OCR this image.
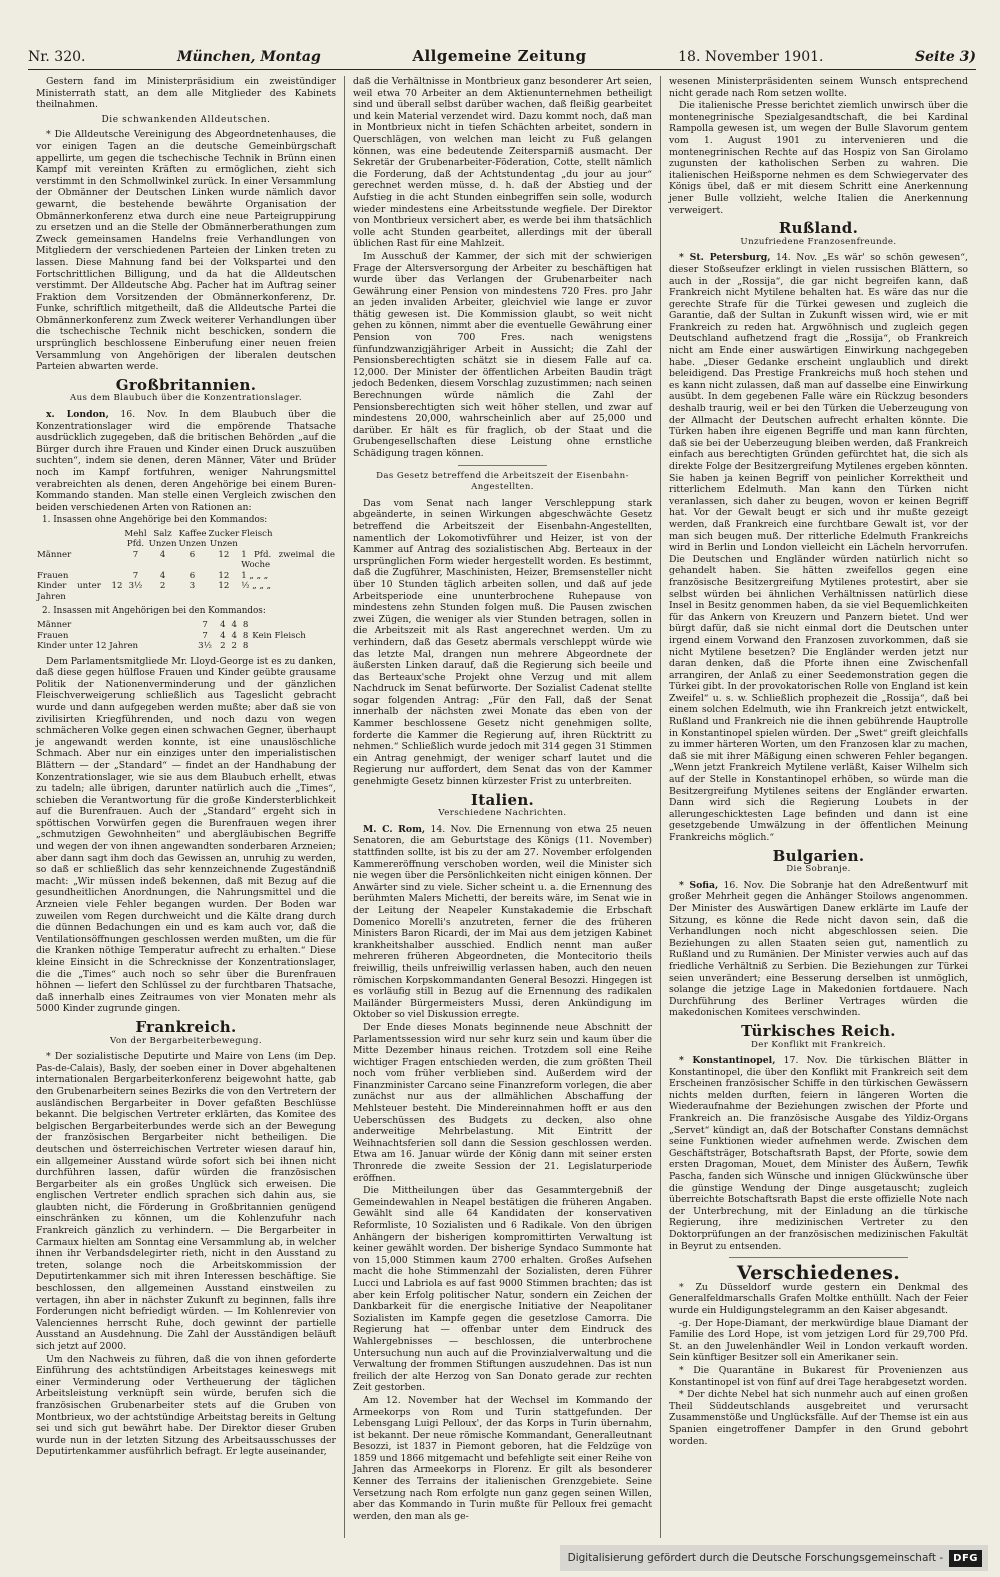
Nr. 320.	München, Montag	Allgemeine Zeitung	18. November 1901.	Seite 3)

Gestern fand im Ministerpräsidium ein zweistündiger Ministerrath statt, an dem alle Mitglieder des Kabinets theilnahmen.

Die schwankenden Alldeutschen.

* Die Alldeutsche Vereinigung des Abgeordnetenhauses, die vor einigen Tagen an die deutsche Gemeinbürgschaft appellirte, um gegen die tschechische Technik in Brünn einen Kampf mit vereinten Kräften zu ermöglichen, zieht sich verstimmt in den Schmollwinkel zurück. In einer Versammlung der Obmänner der Deutschen Linken wurde nämlich davor gewarnt, die bestehende bewährte Organisation der Obmännerkonferenz etwa durch eine neue Parteigruppirung zu ersetzen und an die Stelle der Obmännerberathungen zum Zweck gemeinsamen Handelns freie Verhandlungen von Mitgliedern der verschiedenen Parteien der Linken treten zu lassen. Diese Mahnung fand bei der Volkspartei und den Fortschrittlichen Billigung, und da hat die Alldeutschen verstimmt. Der Alldeutsche Abg. Pacher hat im Auftrag seiner Fraktion dem Vorsitzenden der Obmännerkonferenz, Dr. Funke, schriftlich mitgetheilt, daß die Alldeutsche Partei die Obmännerkonferenz zum Zweck weiterer Verhandlungen über die tschechische Technik nicht beschicken, sondern die ursprünglich beschlossene Einberufung einer neuen freien Versammlung von Angehörigen der liberalen deutschen Parteien abwarten werde.

Großbritannien.
Aus dem Blaubuch über die Konzentrationslager.

x. London, 16. Nov. In dem Blaubuch über die Konzentrationslager wird die empörende Thatsache ausdrücklich zugegeben, daß die britischen Behörden „auf die Bürger durch ihre Frauen und Kinder einen Druck auszuüben suchten“, indem sie denen, deren Männer, Väter und Brüder noch im Kampf fortfuhren, weniger Nahrungsmittel verabreichten als denen, deren Angehörige bei einem Buren-Kommando standen. Man stelle einen Vergleich zwischen den beiden verschiedenen Arten von Rationen an:

1. Insassen ohne Angehörige bei den Kommandos:
	Mehl	Salz	Kaffee	Zucker	Fleisch
	Pfd.	Unzen	Unzen	Unzen	
Männer	7	4	6	12	1 Pfd. zweimal die Woche
Frauen	7	4	6	12	1 „ „ „
Kinder unter 12 Jahren	3½	2	3	12	½ „ „ „
2. Insassen mit Angehörigen bei den Kommandos:
Männer	7	4	4	8	
Frauen	7	4	4	8	Kein Fleisch
Kinder unter 12 Jahren	3½	2	2	8	

Dem Parlamentsmitgliede Mr. Lloyd-George ist es zu danken, daß diese gegen hülflose Frauen und Kinder geübte grausame Politik der Nationenverminderung und der gänzlichen Fleischverweigerung schließlich aus Tageslicht gebracht wurde und dann aufgegeben werden mußte; aber daß sie von zivilisirten Kriegführenden, und noch dazu von wegen schmächeren Volke gegen einen schwachen Gegner, überhaupt je angewandt werden konnte, ist eine unauslöschliche Schmach. Aber nur ein einziges unter den imperialistischen Blättern — der „Standard“ — findet an der Handhabung der Konzentrationslager, wie sie aus dem Blaubuch erhellt, etwas zu tadeln; alle übrigen, darunter natürlich auch die „Times“, schieben die Verantwortung für die große Kindersterblichkeit auf die Burenfrauen. Auch der „Standard“ ergeht sich in spöttischen Vorwürfen gegen die Burenfrauen wegen ihrer „schmutzigen Gewohnheiten“ und abergläubischen Begriffe und wegen der von ihnen angewandten sonderbaren Arzneien; aber dann sagt ihm doch das Gewissen an, unruhig zu werden, so daß er schließlich das sehr kennzeichnende Zugeständniß macht: „Wir müssen indeß bekennen, daß mit Bezug auf die gesundheitlichen Anordnungen, die Nahrungsmittel und die Arzneien viele Fehler begangen wurden. Der Boden war zuweilen vom Regen durchweicht und die Kälte drang durch die dünnen Bedachungen ein und es kam auch vor, daß die Ventilationsöffnungen geschlossen werden mußten, um die für die Kranken nöthige Temperatur aufrecht zu erhalten.“ Diese kleine Einsicht in die Schrecknisse der Konzentrationslager, die die „Times“ auch noch so sehr über die Burenfrauen höhnen — liefert den Schlüssel zu der furchtbaren Thatsache, daß innerhalb eines Zeitraumes von vier Monaten mehr als 5000 Kinder zugrunde gingen.

Frankreich.
Von der Bergarbeiterbewegung.

* Der sozialistische Deputirte und Maire von Lens (im Dep. Pas-de-Calais), Basly, der soeben einer in Dover abgehaltenen internationalen Bergarbeiterkonferenz beigewohnt hatte, gab den Grubenarbeitern seines Bezirks die von den Vertretern der ausländischen Bergarbeiter in Dover gefaßten Beschlüsse bekannt. Die belgischen Vertreter erklärten, das Komitee des belgischen Bergarbeiterbundes werde sich an der Bewegung der französischen Bergarbeiter nicht betheiligen. Die deutschen und österreichischen Vertreter wiesen darauf hin, ein allgemeiner Ausstand würde sofort sich bei ihnen nicht durchführen lassen, dafür würden die französischen Bergarbeiter als ein großes Unglück sich erweisen. Die englischen Vertreter endlich sprachen sich dahin aus, sie glaubten nicht, die Förderung in Großbritannien genügend einschränken zu können, um die Kohlenzufuhr nach Frankreich gänzlich zu verhindern. — Die Bergarbeiter in Carmaux hielten am Sonntag eine Versammlung ab, in welcher ihnen ihr Verbandsdelegirter rieth, nicht in den Ausstand zu treten, solange noch die Arbeitskommission der Deputirtenkammer sich mit ihren Interessen beschäftige. Sie beschlossen, den allgemeinen Ausstand einstweilen zu vertagen, ihn aber in nächster Zukunft zu beginnen, falls ihre Forderungen nicht befriedigt würden. — Im Kohlenrevier von Valenciennes herrscht Ruhe, doch gewinnt der partielle Ausstand an Ausdehnung. Die Zahl der Ausständigen beläuft sich jetzt auf 2000.

Um den Nachweis zu führen, daß die von ihnen geforderte Einführung des achtstündigen Arbeitstages keineswegs mit einer Verminderung oder Vertheuerung der täglichen Arbeitsleistung verknüpft sein würde, berufen sich die französischen Grubenarbeiter stets auf die Gruben von Montbrieux, wo der achtstündige Arbeitstag bereits in Geltung sei und sich gut bewährt habe. Der Direktor dieser Gruben wurde nun in der letzten Sitzung des Arbeitsausschusses der Deputirtenkammer ausführlich befragt. Er legte auseinander,

daß die Verhältnisse in Montbrieux ganz besonderer Art seien, weil etwa 70 Arbeiter an dem Aktienunternehmen betheiligt sind und überall selbst darüber wachen, daß fleißig gearbeitet und kein Material verzendet wird. Dazu kommt noch, daß man in Montbrieux nicht in tiefen Schächten arbeitet, sondern in Querschlägen, von welchen man leicht zu Fuß gelangen können, was eine bedeutende Zeitersparniß ausmacht. Der Sekretär der Grubenarbeiter-Föderation, Cotte, stellt nämlich die Forderung, daß der Achtstundentag „du jour au jour“ gerechnet werden müsse, d. h. daß der Abstieg und der Aufstieg in die acht Stunden einbegriffen sein solle, wodurch wieder mindestens eine Arbeitsstunde wegfiele. Der Direktor von Montbrieux versichert aber, es werde bei ihm thatsächlich volle acht Stunden gearbeitet, allerdings mit der überall üblichen Rast für eine Mahlzeit.

Im Ausschuß der Kammer, der sich mit der schwierigen Frage der Altersversorgung der Arbeiter zu beschäftigen hat wurde über das Verlangen der Grubenarbeiter nach Gewährung einer Pension von mindestens 720 Fres. pro Jahr an jeden invaliden Arbeiter, gleichviel wie lange er zuvor thätig gewesen ist. Die Kommission glaubt, so weit nicht gehen zu können, nimmt aber die eventuelle Gewährung einer Pension von 700 Fres. nach wenigstens fünfundzwanzigjähriger Arbeit in Aussicht; die Zahl der Pensionsberechtigten schätzt sie in diesem Falle auf ca. 12,000. Der Minister der öffentlichen Arbeiten Baudin trägt jedoch Bedenken, diesem Vorschlag zuzustimmen; nach seinen Berechnungen würde nämlich die Zahl der Pensionsberechtigten sich weit höher stellen, und zwar auf mindestens 20,000, wahrscheinlich aber auf 25,000 und darüber. Er hält es für fraglich, ob der Staat und die Grubengesellschaften diese Leistung ohne ernstliche Schädigung tragen können.

Das Gesetz betreffend die Arbeitszeit der Eisenbahn-Angestellten.

Das vom Senat nach langer Verschleppung stark abgeänderte, in seinen Wirkungen abgeschwächte Gesetz betreffend die Arbeitszeit der Eisenbahn-Angestellten, namentlich der Lokomotivführer und Heizer, ist von der Kammer auf Antrag des sozialistischen Abg. Berteaux in der ursprünglichen Form wieder hergestellt worden. Es bestimmt, daß die Zugführer, Maschinisten, Heizer, Bremsensteller nicht über 10 Stunden täglich arbeiten sollen, und daß auf jede Arbeitsperiode eine ununterbrochene Ruhepause von mindestens zehn Stunden folgen muß. Die Pausen zwischen zwei Zügen, die weniger als vier Stunden betragen, sollen in die Arbeitszeit mit als Rast angerechnet werden. Um zu verhindern, daß das Gesetz abermals verschleppt würde wie das letzte Mal, drangen nun mehrere Abgeordnete der äußersten Linken darauf, daß die Regierung sich beeile und das Berteaux'sche Projekt ohne Verzug und mit allem Nachdruck im Senat befürworte. Der Sozialist Cadenat stellte sogar folgenden Antrag: „Für den Fall, daß der Senat innerhalb der nächsten zwei Monate das eben von der Kammer beschlossene Gesetz nicht genehmigen sollte, forderte die Kammer die Regierung auf, ihren Rücktritt zu nehmen.“ Schließlich wurde jedoch mit 314 gegen 31 Stimmen ein Antrag genehmigt, der weniger scharf lautet und die Regierung nur auffordert, dem Senat das von der Kammer genehmigte Gesetz binnen kürzester Frist zu unterbreiten.

Italien.
Verschiedene Nachrichten.

M. C. Rom, 14. Nov. Die Ernennung von etwa 25 neuen Senatoren, die am Geburtstage des Königs (11. November) stattfinden sollte, ist bis zu der am 27. November erfolgenden Kammereröffnung verschoben worden, weil die Minister sich nie wegen über die Persönlichkeiten nicht einigen können. Der Anwärter sind zu viele. Sicher scheint u. a. die Ernennung des berühmten Malers Michetti, der bereits wäre, im Senat wie in der Leitung der Neapeler Kunstakademie die Erbschaft Domenico Morelli's anzutreten, ferner die des früheren Ministers Baron Ricardi, der im Mai aus dem jetzigen Kabinet krankheitshalber ausschied. Endlich nennt man außer mehreren früheren Abgeordneten, die Montecitorio theils freiwillig, theils unfreiwillig verlassen haben, auch den neuen römischen Korpskommandanten General Besozzi. Hingegen ist es vorläufig still in Bezug auf die Ernennung des radikalen Mailänder Bürgermeisters Mussi, deren Ankündigung im Oktober so viel Diskussion erregte.

Der Ende dieses Monats beginnende neue Abschnitt der Parlamentssession wird nur sehr kurz sein und kaum über die Mitte Dezember hinaus reichen. Trotzdem soll eine Reihe wichtiger Fragen entschieden werden, die zum größten Theil noch vom früher verblieben sind. Außerdem wird der Finanzminister Carcano seine Finanzreform vorlegen, die aber zunächst nur aus der allmählichen Abschaffung der Mehlsteuer besteht. Die Mindereinnahmen hofft er aus den Ueberschüssen des Budgets zu decken, also ohne anderweitige Mehrbelastung. Mit Eintritt der Weihnachtsferien soll dann die Session geschlossen werden. Etwa am 16. Januar würde der König dann mit seiner ersten Thronrede die zweite Session der 21. Legislaturperiode eröffnen.

Die Mittheilungen über das Gesammtergebniß der Gemeindewahlen in Neapel bestätigen die früheren Angaben. Gewählt sind alle 64 Kandidaten der konservativen Reformliste, 10 Sozialisten und 6 Radikale. Von den übrigen Anhängern der bisherigen kompromittirten Verwaltung ist keiner gewählt worden. Der bisherige Syndaco Summonte hat von 15,000 Stimmen kaum 2700 erhalten. Großes Aufsehen macht die hohe Stimmenzahl der Sozialisten, deren Führer Lucci und Labriola es auf fast 9000 Stimmen brachten; das ist aber kein Erfolg politischer Natur, sondern ein Zeichen der Dankbarkeit für die energische Initiative der Neapolitaner Sozialisten im Kampfe gegen die gesetzlose Camorra. Die Regierung hat — offenbar unter dem Eindruck des Wahlergebnisses — beschlossen, die unterbrochene Untersuchung nun auch auf die Provinzialverwaltung und die Verwaltung der frommen Stiftungen auszudehnen. Das ist nun freilich der alte Herzog von San Donato gerade zur rechten Zeit gestorben.

Am 12. November hat der Wechsel im Kommando der Armeekorps von Rom und Turin stattgefunden. Der Lebensgang Luigi Pelloux', der das Korps in Turin übernahm, ist bekannt. Der neue römische Kommandant, Generalleutnant Besozzi, ist 1837 in Piemont geboren, hat die Feldzüge von 1859 und 1866 mitgemacht und befehligte seit einer Reihe von Jahren das Armeekorps in Florenz. Er gilt als besonderer Kenner des Terrains der italienischen Grenzgebiete. Seine Versetzung nach Rom erfolgte nun ganz gegen seinen Willen, aber das Kommando in Turin mußte für Pelloux frei gemacht werden, den man als ge-

wesenen Ministerpräsidenten seinem Wunsch entsprechend nicht gerade nach Rom setzen wollte.

Die italienische Presse berichtet ziemlich unwirsch über die montenegrinische Spezialgesandtschaft, die bei Kardinal Rampolla gewesen ist, um wegen der Bulle Slavorum gentem vom 1. August 1901 zu intervenieren und die montenegrinischen Rechte auf das Hospiz von San Girolamo zugunsten der katholischen Serben zu wahren. Die italienischen Heißsporne nehmen es dem Schwiegervater des Königs übel, daß er mit diesem Schritt eine Anerkennung jener Bulle vollzieht, welche Italien die Anerkennung verweigert.

Rußland.
Unzufriedene Franzosenfreunde.

* St. Petersburg, 14. Nov. „Es wär' so schön gewesen“, dieser Stoßseufzer erklingt in vielen russischen Blättern, so auch in der „Rossija“, die gar nicht begreifen kann, daß Frankreich nicht Mytilene behalten hat. Es wäre das nur die gerechte Strafe für die Türkei gewesen und zugleich die Garantie, daß der Sultan in Zukunft wissen wird, wie er mit Frankreich zu reden hat. Argwöhnisch und zugleich gegen Deutschland aufhetzend fragt die „Rossija“, ob Frankreich nicht am Ende einer auswärtigen Einwirkung nachgegeben habe. „Dieser Gedanke erscheint unglaublich und direkt beleidigend. Das Prestige Frankreichs muß hoch stehen und es kann nicht zulassen, daß man auf dasselbe eine Einwirkung ausübt. In dem gegebenen Falle wäre ein Rückzug besonders deshalb traurig, weil er bei den Türken die Ueberzeugung von der Allmacht der Deutschen aufrecht erhalten könnte. Die Türken haben ihre eigenen Begriffe und man kann fürchten, daß sie bei der Ueberzeugung bleiben werden, daß Frankreich einfach aus berechtigten Gründen gefürchtet hat, die sich als direkte Folge der Besitzergreifung Mytilenes ergeben könnten. Sie haben ja keinen Begriff von peinlicher Korrektheit und ritterlichem Edelmuth. Man kann den Türken nicht veranlassen, sich daher zu beugen, wovon er keinen Begriff hat. Vor der Gewalt beugt er sich und ihr mußte gezeigt werden, daß Frankreich eine furchtbare Gewalt ist, vor der man sich beugen muß. Der ritterliche Edelmuth Frankreichs wird in Berlin und London vielleicht ein Lächeln hervorrufen. Die Deutschen und Engländer würden natürlich nicht so gehandelt haben. Sie hätten zweifellos gegen eine französische Besitzergreifung Mytilenes protestirt, aber sie selbst würden bei ähnlichen Verhältnissen natürlich diese Insel in Besitz genommen haben, da sie viel Bequemlichkeiten für das Ankern von Kreuzern und Panzern bietet. Und wer bürgt dafür, daß sie nicht einmal dort die Deutschen unter irgend einem Vorwand den Franzosen zuvorkommen, daß sie nicht Mytilene besetzen? Die Engländer werden jetzt nur daran denken, daß die Pforte ihnen eine Zwischenfall arrangiren, der Anlaß zu einer Seedemonstration gegen die Türkei gibt. In der provokatorischen Rolle von England ist kein Zweifel“ u. s. w. Schließlich prophezeit die „Rossija“, daß bei einem solchen Edelmuth, wie ihn Frankreich jetzt entwickelt, Rußland und Frankreich nie die ihnen gebührende Hauptrolle in Konstantinopel spielen würden. Der „Swet“ greift gleichfalls zu immer härteren Worten, um den Franzosen klar zu machen, daß sie mit ihrer Mäßigung einen schweren Fehler begangen. „Wenn jetzt Frankreich Mytilene verläßt, Kaiser Wilhelm sich auf der Stelle in Konstantinopel erhöben, so würde man die Besitzergreifung Mytilenes seitens der Engländer erwarten. Dann wird sich die Regierung Loubets in der allerungeschicktesten Lage befinden und dann ist eine gesetzgebende Umwälzung in der öffentlichen Meinung Frankreichs möglich.“

Bulgarien.
Die Sobranje.

* Sofia, 16. Nov. Die Sobranje hat den Adreßentwurf mit großer Mehrheit gegen die Anhänger Stoilows angenommen. Der Minister des Auswärtigen Danew erklärte im Laufe der Sitzung, es könne die Rede nicht davon sein, daß die Verhandlungen noch nicht abgeschlossen seien. Die Beziehungen zu allen Staaten seien gut, namentlich zu Rußland und zu Rumänien. Der Minister verwies auch auf das friedliche Verhältniß zu Serbien. Die Beziehungen zur Türkei seien unverändert; eine Besserung derselben ist unmöglich, solange die jetzige Lage in Makedonien fortdauere. Nach Durchführung des Berliner Vertrages würden die makedonischen Komitees verschwinden.

Türkisches Reich.
Der Konflikt mit Frankreich.

* Konstantinopel, 17. Nov. Die türkischen Blätter in Konstantinopel, die über den Konflikt mit Frankreich seit dem Erscheinen französischer Schiffe in den türkischen Gewässern nichts melden durften, feiern in längeren Worten die Wiederaufnahme der Beziehungen zwischen der Pforte und Frankreich an. Die französische Ausgabe des Yildiz-Organs „Servet“ kündigt an, daß der Botschafter Constans demnächst seine Funktionen wieder aufnehmen werde. Zwischen dem Geschäftsträger, Botschaftsrath Bapst, der Pforte, sowie dem ersten Dragoman, Mouet, dem Minister des Äußern, Tewfik Pascha, fanden sich Wünsche und innigen Glückwünsche über die günstige Wendung der Dinge ausgetauscht; zugleich überreichte Botschaftsrath Bapst die erste offizielle Note nach der Unterbrechung, mit der Einladung an die türkische Regierung, ihre medizinischen Vertreter zu den Doktorprüfungen an der französischen medizinischen Fakultät in Beyrut zu entsenden.

Verschiedenes.

* Zu Düsseldorf wurde gestern ein Denkmal des Generalfeldmarschalls Grafen Moltke enthüllt. Nach der Feier wurde ein Huldigungstelegramm an den Kaiser abgesandt.

-g. Der Hope-Diamant, der merkwürdige blaue Diamant der Familie des Lord Hope, ist vom jetzigen Lord für 29,700 Pfd. St. an den Juwelenhändler Weil in London verkauft worden. Sein künftiger Besitzer soll ein Amerikaner sein.

* Die Quarantäne in Bukarest für Provenienzen aus Konstantinopel ist von fünf auf drei Tage herabgesetzt worden.

* Der dichte Nebel hat sich nunmehr auch auf einen großen Theil Süddeutschlands ausgebreitet und verursacht Zusammenstöße und Unglücksfälle. Auf der Themse ist ein aus Spanien eingetroffener Dampfer in den Grund gebohrt worden.

Digitalisierung gefördert durch die Deutsche Forschungsgemeinschaft -	DFG
